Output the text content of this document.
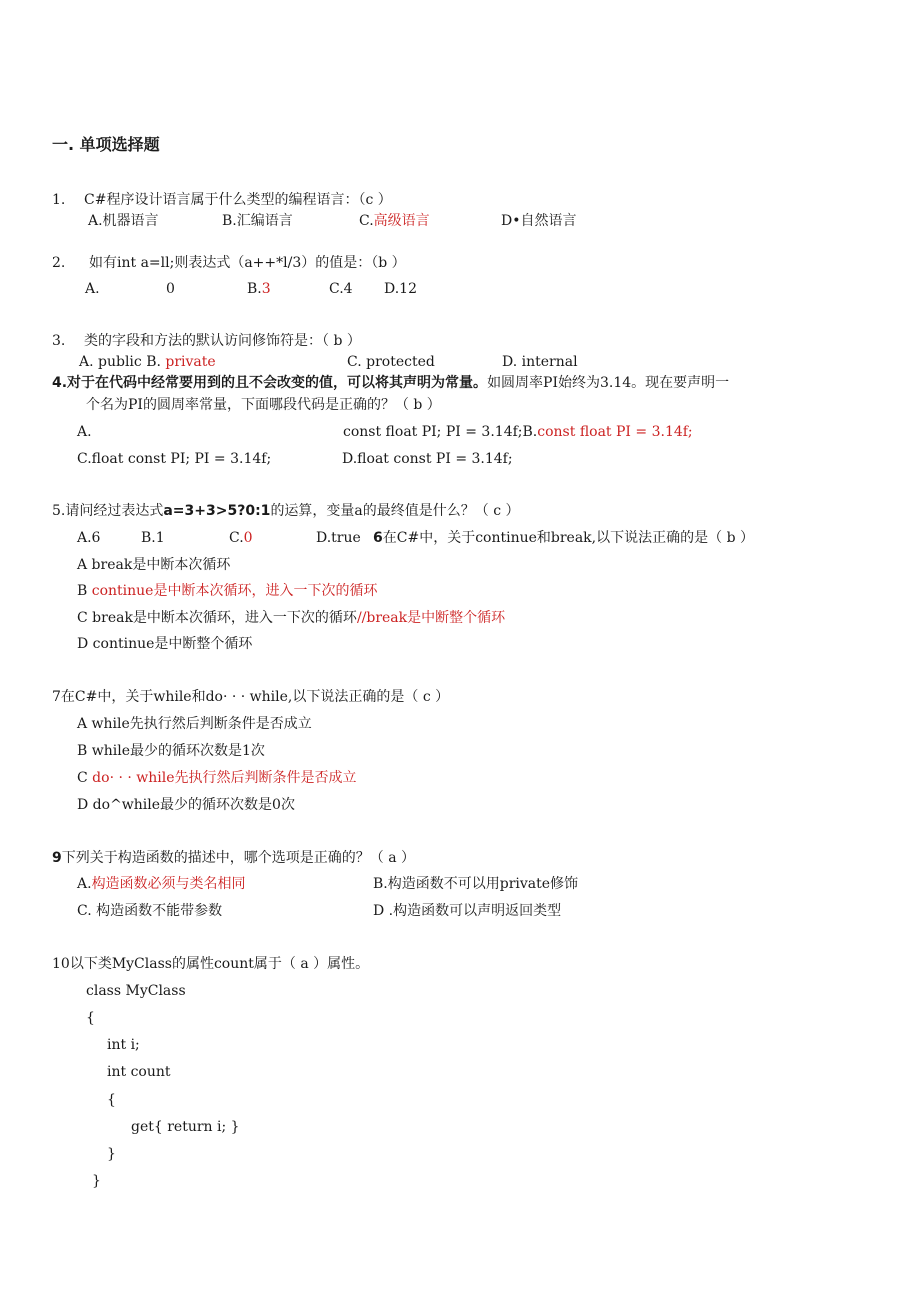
一. 单项选择题
1. C#程序设计语言属于什么类型的编程语言：（c ）
A.机器语言	B.汇编语言	C.高级语言	D•自然语言
2. 如有int a=ll;则表达式（a++*l/3）的值是：（b ）
A.	0	B.3	C.4 D.12
3. 类的字段和方法的默认访问修饰符是：（ b ）
A. public B. private	C. protected	D. internal
4.对于在代码中经常要用到的且不会改变的值，可以将其声明为常量。如圆周率PI始终为3.14。现在要声明一
个名为PI的圆周率常量，下面哪段代码是正确的？（ b ）
A.	const float PI; PI = 3.14f;B.const float PI = 3.14f;
C.float const PI; PI = 3.14f;	D.float const PI = 3.14f;
5.请问经过表达式a=3+3>5?0:1的运算，变量a的最终值是什么？（ c ）
A.6	B.1	C.0	D.true 6在C#中，关于continue和break,以下说法正确的是（ b ）
A break是中断本次循环
B continue是中断本次循环，进入一下次的循环
C break是中断本次循环，进入一下次的循环//break是中断整个循环
D continue是中断整个循环
7在C#中，关于while和do· · · while,以下说法正确的是（ c ）
A while先执行然后判断条件是否成立
B while最少的循环次数是1次
C do· · · while先执行然后判断条件是否成立
D do^while最少的循环次数是0次
9下列关于构造函数的描述中，哪个选项是正确的？（ a ）
A.构造函数必须与类名相同	B.构造函数不可以用private修饰
C. 构造函数不能带参数	D .构造函数可以声明返回类型
10以下类MyClass的属性count属于（ a ）属性。
class MyClass
{
int i;
int count
{
get{ return i; }
}
}
